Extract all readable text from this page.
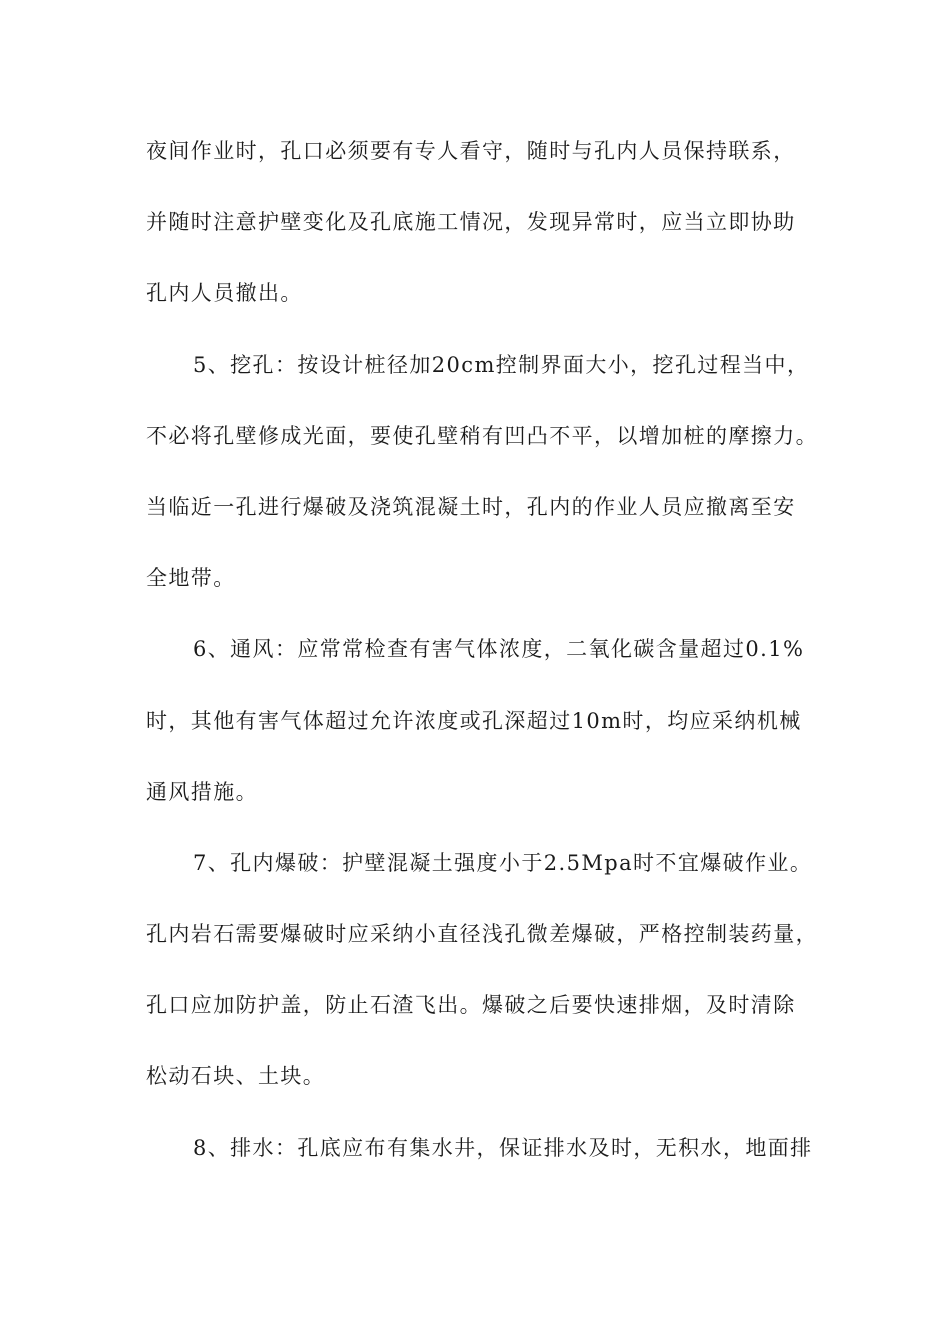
夜间作业时，孔口必须要有专人看守，随时与孔内人员保持联系，
并随时注意护壁变化及孔底施工情况，发现异常时，应当立即协助
孔内人员撤出。
5、挖孔：按设计桩径加20cm控制界面大小，挖孔过程当中，
不必将孔壁修成光面，要使孔壁稍有凹凸不平，以增加桩的摩擦力。
当临近一孔进行爆破及浇筑混凝土时，孔内的作业人员应撤离至安
全地带。
6、通风：应常常检查有害气体浓度，二氧化碳含量超过0.1%
时，其他有害气体超过允许浓度或孔深超过10m时，均应采纳机械
通风措施。
7、孔内爆破：护壁混凝土强度小于2.5Mpa时不宜爆破作业。
孔内岩石需要爆破时应采纳小直径浅孔微差爆破，严格控制装药量，
孔口应加防护盖，防止石渣飞出。爆破之后要快速排烟，及时清除
松动石块、土块。
8、排水：孔底应布有集水井，保证排水及时，无积水，地面排
